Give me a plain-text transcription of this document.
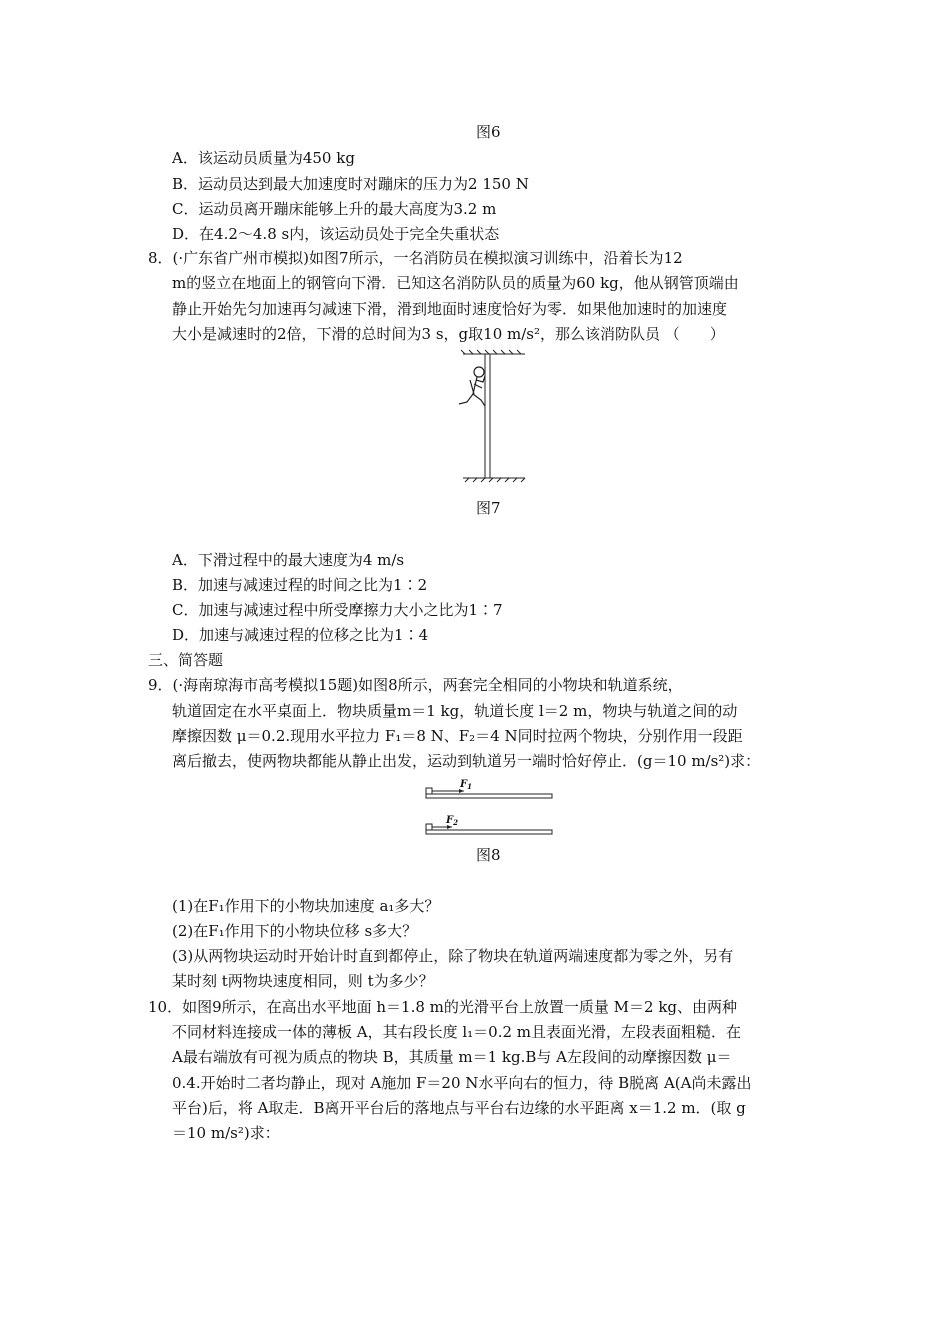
图6
A．该运动员质量为450 kg
B．运动员达到最大加速度时对蹦床的压力为2 150 N
C．运动员离开蹦床能够上升的最大高度为3.2 m
D．在4.2～4.8 s内，该运动员处于完全失重状态
8．(·广东省广州市模拟)如图7所示，一名消防员在模拟演习训练中，沿着长为12
m的竖立在地面上的钢管向下滑．已知这名消防队员的质量为60 kg，他从钢管顶端由
静止开始先匀加速再匀减速下滑，滑到地面时速度恰好为零．如果他加速时的加速度
大小是减速时的2倍，下滑的总时间为3 s，g取10 m/s²，那么该消防队员 （　　）
图7
A．下滑过程中的最大速度为4 m/s
B．加速与减速过程的时间之比为1∶2
C．加速与减速过程中所受摩擦力大小之比为1∶7
D．加速与减速过程的位移之比为1∶4
三、简答题
9．(·海南琼海市高考模拟15题)如图8所示，两套完全相同的小物块和轨道系统，
轨道固定在水平桌面上．物块质量m＝1 kg，轨道长度 l＝2 m，物块与轨道之间的动
摩擦因数 μ＝0.2.现用水平拉力 F₁＝8 N、F₂＝4 N同时拉两个物块，分别作用一段距
离后撤去，使两物块都能从静止出发，运动到轨道另一端时恰好停止．(g＝10 m/s²)求：
$F_1$
$F_2$
图8
(1)在F₁作用下的小物块加速度 a₁多大？
(2)在F₁作用下的小物块位移 s多大？
(3)从两物块运动时开始计时直到都停止，除了物块在轨道两端速度都为零之外，另有
某时刻 t两物块速度相同，则 t为多少？
10．如图9所示，在高出水平地面 h＝1.8 m的光滑平台上放置一质量 M＝2 kg、由两种
不同材料连接成一体的薄板 A，其右段长度 l₁＝0.2 m且表面光滑，左段表面粗糙．在
A最右端放有可视为质点的物块 B，其质量 m＝1 kg.B与 A左段间的动摩擦因数 μ＝
0.4.开始时二者均静止，现对 A施加 F＝20 N水平向右的恒力，待 B脱离 A(A尚未露出
平台)后，将 A取走．B离开平台后的落地点与平台右边缘的水平距离 x＝1.2 m．(取 g
＝10 m/s²)求：
